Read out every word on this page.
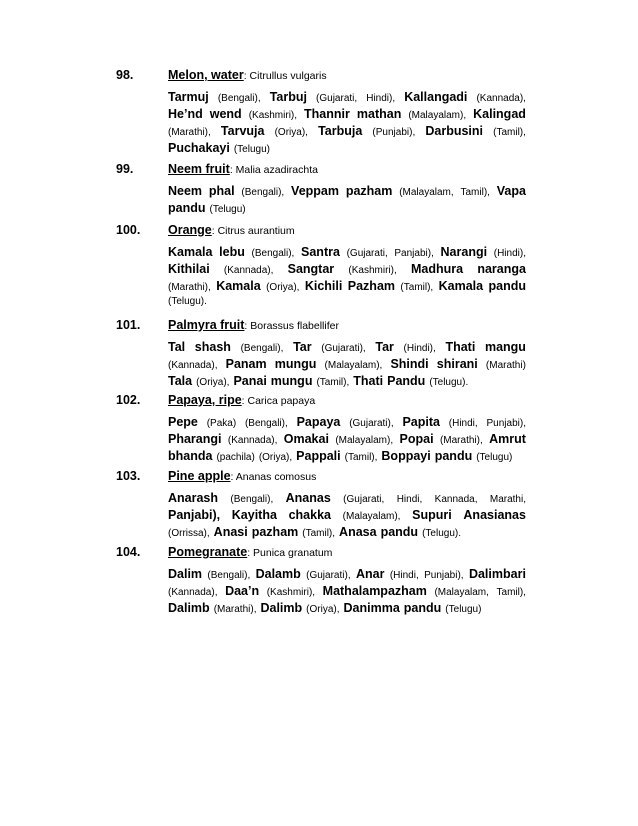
98.	Melon, water: Citrullus vulgaris
Tarmuj (Bengali), Tarbuj (Gujarati, Hindi), Kallangadi (Kannada),
He’nd wend (Kashmiri), Thannir mathan (Malayalam), Kalingad
(Marathi), Tarvuja (Oriya), Tarbuja (Punjabi), Darbusini (Tamil),
Puchakayi (Telugu)
99.	Neem fruit: Malia azadirachta
Neem phal (Bengali), Veppam pazham (Malayalam, Tamil), Vapa
pandu (Telugu)
100. Orange: Citrus aurantium
Kamala lebu (Bengali), Santra (Gujarati, Panjabi), Narangi (Hindi),
Kithilai (Kannada), Sangtar (Kashmiri), Madhura naranga
(Marathi), Kamala (Oriya), Kichili Pazham (Tamil), Kamala pandu
(Telugu).
101. Palmyra fruit: Borassus flabellifer
Tal shash (Bengali), Tar (Gujarati), Tar (Hindi), Thati mangu
(Kannada), Panam mungu (Malayalam), Shindi shirani (Marathi)
Tala (Oriya), Panai mungu (Tamil), Thati Pandu (Telugu).
102. Papaya, ripe: Carica papaya
Pepe (Paka) (Bengali), Papaya (Gujarati), Papita (Hindi, Punjabi),
Pharangi (Kannada), Omakai (Malayalam), Popai (Marathi), Amrut
bhanda (pachila) (Oriya), Pappali (Tamil), Boppayi pandu (Telugu)
103. Pine apple: Ananas comosus
Anarash (Bengali), Ananas (Gujarati, Hindi, Kannada, Marathi,
Panjabi), Kayitha chakka (Malayalam), Supuri Anasianas
(Orrissa), Anasi pazham (Tamil), Anasa pandu (Telugu).
104. Pomegranate: Punica granatum
Dalim (Bengali), Dalamb (Gujarati), Anar (Hindi, Punjabi), Dalimbari
(Kannada), Daa’n (Kashmiri), Mathalampazham (Malayalam, Tamil),
Dalimb (Marathi), Dalimb (Oriya), Danimma pandu (Telugu)
